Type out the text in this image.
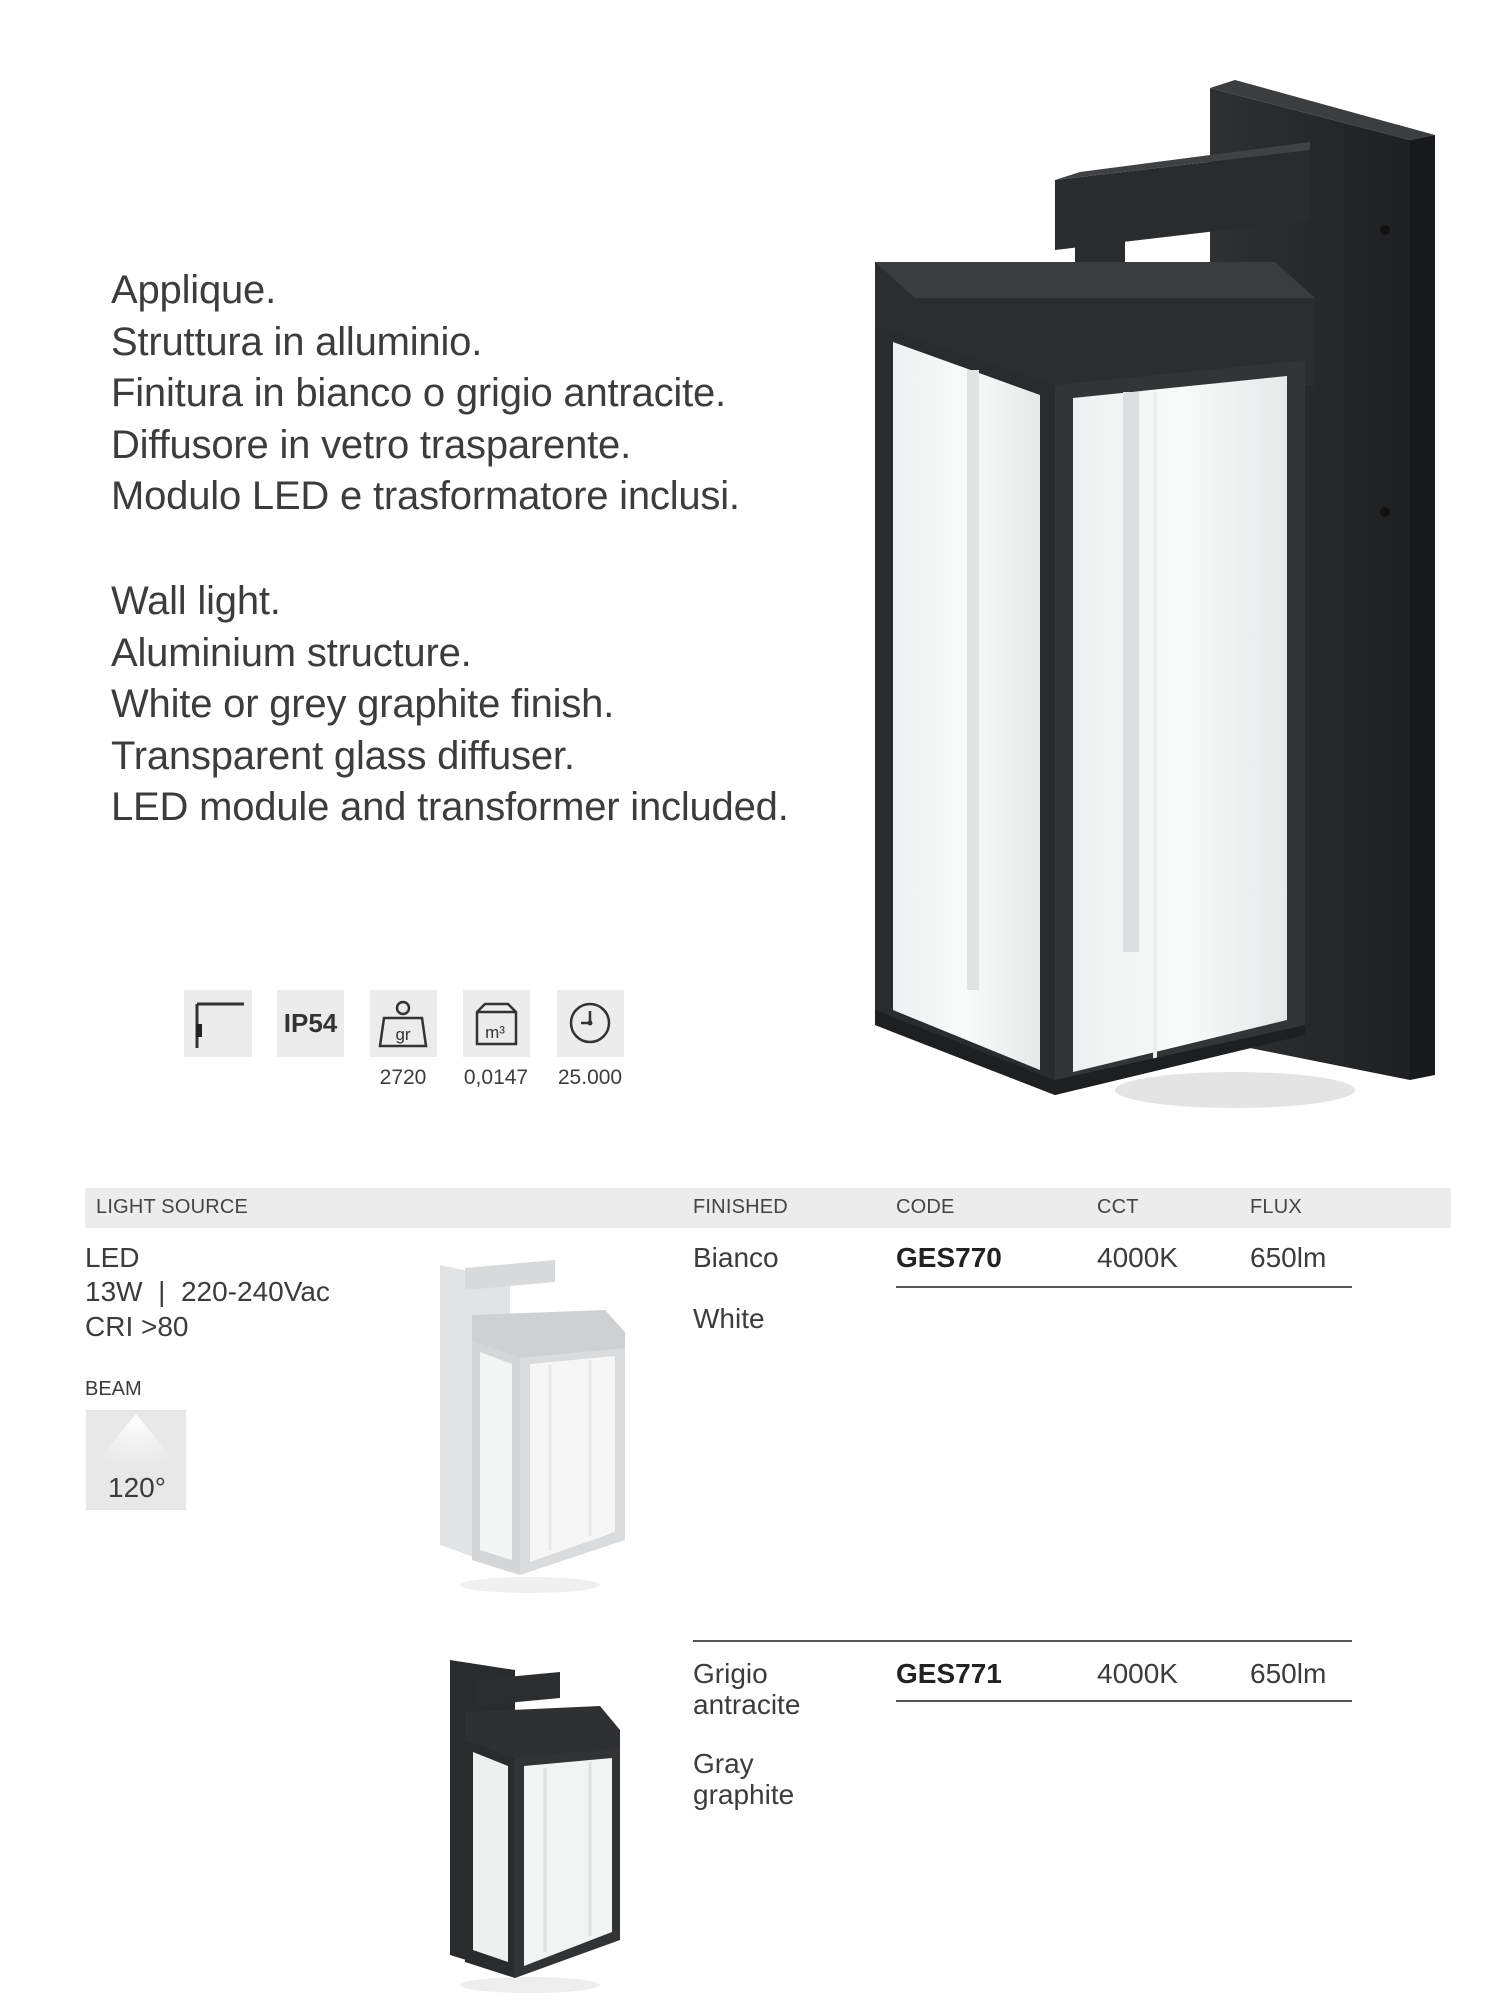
Applique.
Struttura in alluminio.
Finitura in bianco o grigio antracite.
Diffusore in vetro trasparente.
Modulo LED e trasformatore inclusi.
Wall light.
Aluminium structure.
White or grey graphite finish.
Transparent glass diffuser.
LED module and transformer included.
IP54	gr
2720
m³
0,0147	25.000
LIGHT SOURCE	FINISHED	CODE	CCT	FLUX
LED
13W  |  220-240Vac
CRI >80
BEAM
120°
Bianco
White
GES770	4000K	650lm
Grigio antracite
Gray graphite
GES771	4000K	650lm
